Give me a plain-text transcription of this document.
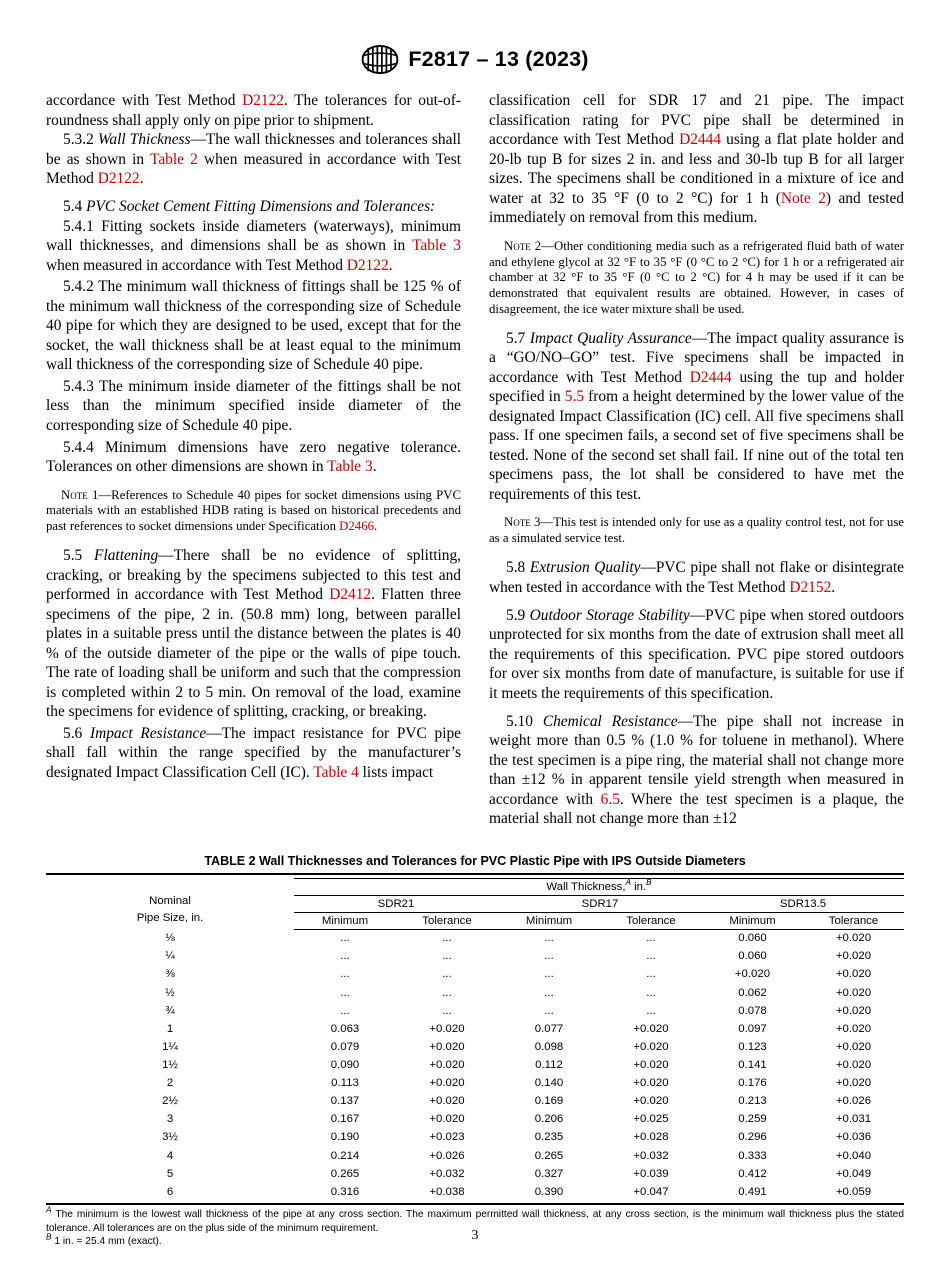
F2817 – 13 (2023)

accordance with Test Method D2122. The tolerances for out-of-roundness shall apply only on pipe prior to shipment.

5.3.2 Wall Thickness—The wall thicknesses and tolerances shall be as shown in Table 2 when measured in accordance with Test Method D2122.

5.4 PVC Socket Cement Fitting Dimensions and Tolerances:

5.4.1 Fitting sockets inside diameters (waterways), minimum wall thicknesses, and dimensions shall be as shown in Table 3 when measured in accordance with Test Method D2122.

5.4.2 The minimum wall thickness of fittings shall be 125 % of the minimum wall thickness of the corresponding size of Schedule 40 pipe for which they are designed to be used, except that for the socket, the wall thickness shall be at least equal to the minimum wall thickness of the corresponding size of Schedule 40 pipe.

5.4.3 The minimum inside diameter of the fittings shall be not less than the minimum specified inside diameter of the corresponding size of Schedule 40 pipe.

5.4.4 Minimum dimensions have zero negative tolerance. Tolerances on other dimensions are shown in Table 3.

Note 1—References to Schedule 40 pipes for socket dimensions using PVC materials with an established HDB rating is based on historical precedents and past references to socket dimensions under Specification D2466.

5.5 Flattening—There shall be no evidence of splitting, cracking, or breaking by the specimens subjected to this test and performed in accordance with Test Method D2412. Flatten three specimens of the pipe, 2 in. (50.8 mm) long, between parallel plates in a suitable press until the distance between the plates is 40 % of the outside diameter of the pipe or the walls of pipe touch. The rate of loading shall be uniform and such that the compression is completed within 2 to 5 min. On removal of the load, examine the specimens for evidence of splitting, cracking, or breaking.

5.6 Impact Resistance—The impact resistance for PVC pipe shall fall within the range specified by the manufacturer’s designated Impact Classification Cell (IC). Table 4 lists impact

classification cell for SDR 17 and 21 pipe. The impact classification rating for PVC pipe shall be determined in accordance with Test Method D2444 using a flat plate holder and 20-lb tup B for sizes 2 in. and less and 30-lb tup B for all larger sizes. The specimens shall be conditioned in a mixture of ice and water at 32 to 35 °F (0 to 2 °C) for 1 h (Note 2) and tested immediately on removal from this medium.

Note 2—Other conditioning media such as a refrigerated fluid bath of water and ethylene glycol at 32 °F to 35 °F (0 °C to 2 °C) for 1 h or a refrigerated air chamber at 32 °F to 35 °F (0 °C to 2 °C) for 4 h may be used if it can be demonstrated that equivalent results are obtained. However, in cases of disagreement, the ice water mixture shall be used.

5.7 Impact Quality Assurance—The impact quality assurance is a “GO/NO–GO” test. Five specimens shall be impacted in accordance with Test Method D2444 using the tup and holder specified in 5.5 from a height determined by the lower value of the designated Impact Classification (IC) cell. All five specimens shall pass. If one specimen fails, a second set of five specimens shall be tested. None of the second set shall fail. If nine out of the total ten specimens pass, the lot shall be considered to have met the requirements of this test.

Note 3—This test is intended only for use as a quality control test, not for use as a simulated service test.

5.8 Extrusion Quality—PVC pipe shall not flake or disintegrate when tested in accordance with the Test Method D2152.

5.9 Outdoor Storage Stability—PVC pipe when stored outdoors unprotected for six months from the date of extrusion shall meet all the requirements of this specification. PVC pipe stored outdoors for over six months from date of manufacture, is suitable for use if it meets the requirements of this specification.

5.10 Chemical Resistance—The pipe shall not increase in weight more than 0.5 % (1.0 % for toluene in methanol). Where the test specimen is a pipe ring, the material shall not change more than ±12 % in apparent tensile yield strength when measured in accordance with 6.5. Where the test specimen is a plaque, the material shall not change more than ±12

TABLE 2 Wall Thicknesses and Tolerances for PVC Plastic Pipe with IPS Outside Diameters

Nominal
Pipe Size, in.	Wall Thickness,$^A$ in.$^B$
	SDR21		SDR17		SDR13.5	
	Minimum	Tolerance	Minimum	Tolerance	Minimum	Tolerance
⅛	...	...	...	...	0.060	+0.020
¼	...	...	...	...	0.060	+0.020
⅜	...	...	...	...	+0.020	+0.020
½	...	...	...	...	0.062	+0.020
¾	...	...	...	...	0.078	+0.020
1	0.063	+0.020	0.077	+0.020	0.097	+0.020
1¼	0.079	+0.020	0.098	+0.020	0.123	+0.020
1½	0.090	+0.020	0.112	+0.020	0.141	+0.020
2	0.113	+0.020	0.140	+0.020	0.176	+0.020
2½	0.137	+0.020	0.169	+0.020	0.213	+0.026
3	0.167	+0.020	0.206	+0.025	0.259	+0.031
3½	0.190	+0.023	0.235	+0.028	0.296	+0.036
4	0.214	+0.026	0.265	+0.032	0.333	+0.040
5	0.265	+0.032	0.327	+0.039	0.412	+0.049
6	0.316	+0.038	0.390	+0.047	0.491	+0.059
$^A$ The minimum is the lowest wall thickness of the pipe at any cross section. The maximum permitted wall thickness, at any cross section, is the minimum wall thickness plus the stated tolerance. All tolerances are on the plus side of the minimum requirement.
$^B$ 1 in. = 25.4 mm (exact).	3
